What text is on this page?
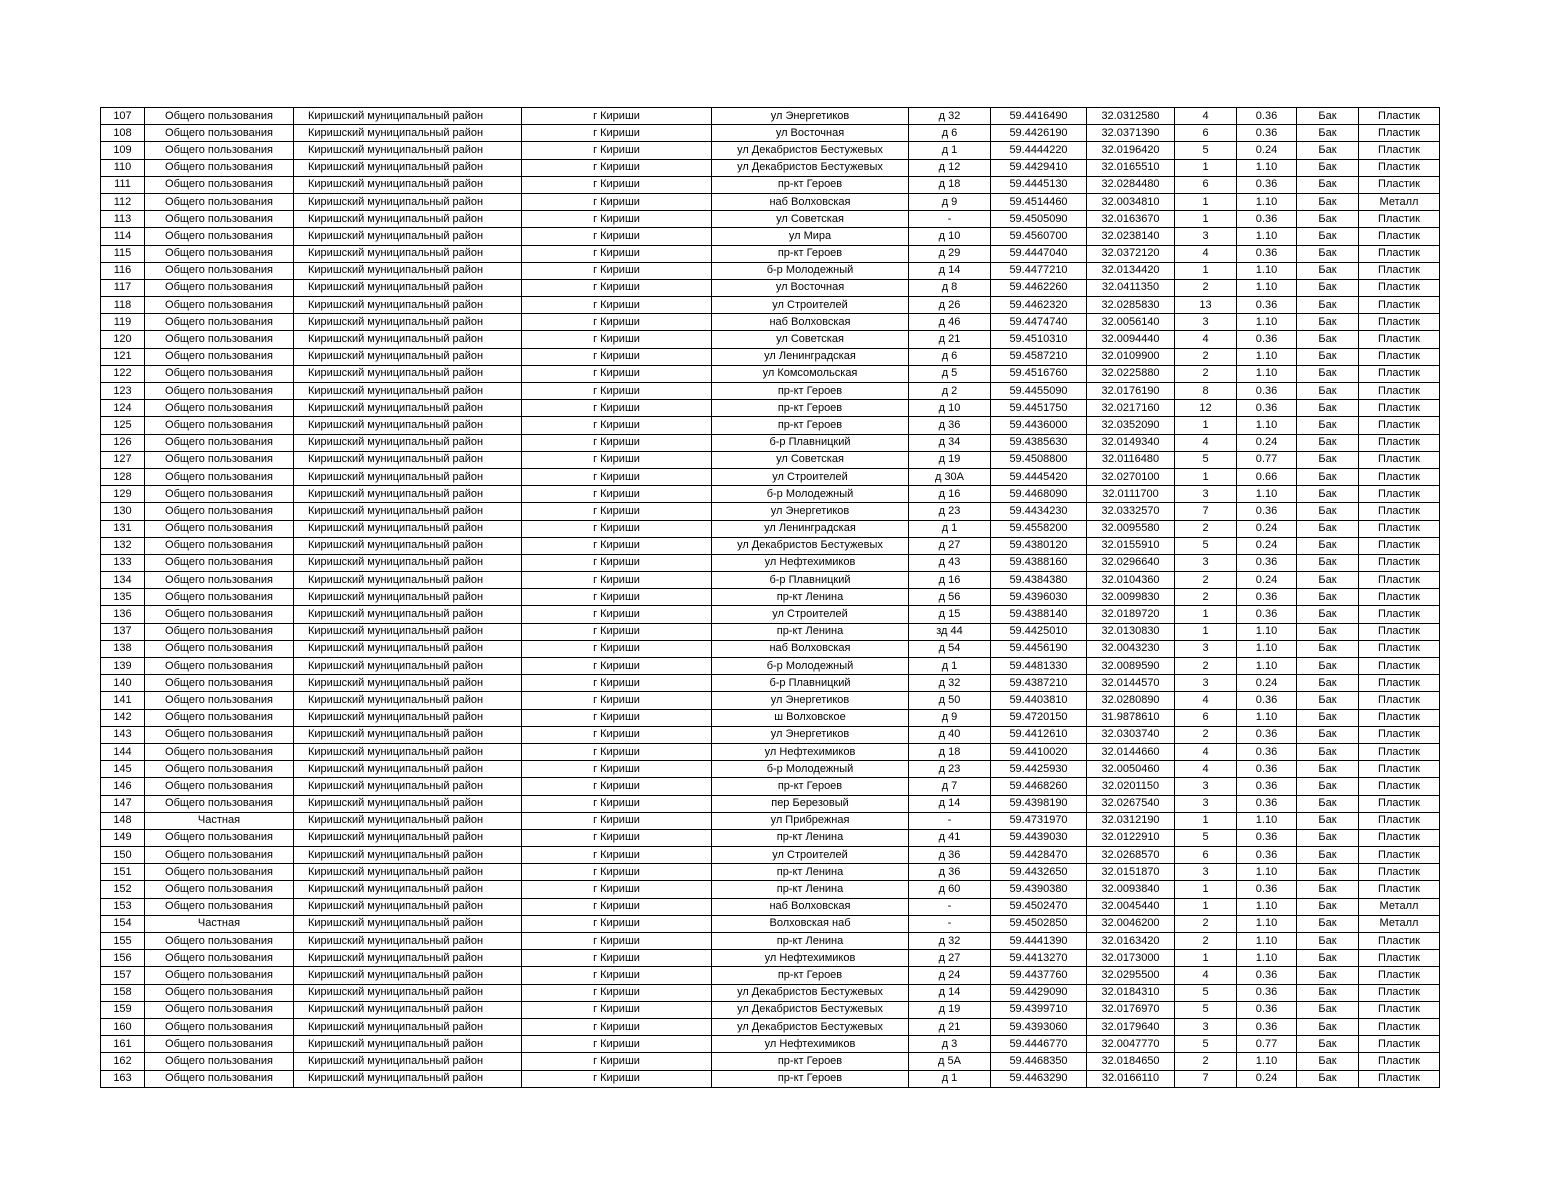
107	Общего пользования	Киришский муниципальный район	г Кириши	ул Энергетиков	д 32	59.4416490	32.0312580	4	0.36	Бак	Пластик
108	Общего пользования	Киришский муниципальный район	г Кириши	ул Восточная	д 6	59.4426190	32.0371390	6	0.36	Бак	Пластик
109	Общего пользования	Киришский муниципальный район	г Кириши	ул Декабристов Бестужевых	д 1	59.4444220	32.0196420	5	0.24	Бак	Пластик
110	Общего пользования	Киришский муниципальный район	г Кириши	ул Декабристов Бестужевых	д 12	59.4429410	32.0165510	1	1.10	Бак	Пластик
111	Общего пользования	Киришский муниципальный район	г Кириши	пр-кт Героев	д 18	59.4445130	32.0284480	6	0.36	Бак	Пластик
112	Общего пользования	Киришский муниципальный район	г Кириши	наб Волховская	д 9	59.4514460	32.0034810	1	1.10	Бак	Металл
113	Общего пользования	Киришский муниципальный район	г Кириши	ул Советская	-	59.4505090	32.0163670	1	0.36	Бак	Пластик
114	Общего пользования	Киришский муниципальный район	г Кириши	ул Мира	д 10	59.4560700	32.0238140	3	1.10	Бак	Пластик
115	Общего пользования	Киришский муниципальный район	г Кириши	пр-кт Героев	д 29	59.4447040	32.0372120	4	0.36	Бак	Пластик
116	Общего пользования	Киришский муниципальный район	г Кириши	б-р Молодежный	д 14	59.4477210	32.0134420	1	1.10	Бак	Пластик
117	Общего пользования	Киришский муниципальный район	г Кириши	ул Восточная	д 8	59.4462260	32.0411350	2	1.10	Бак	Пластик
118	Общего пользования	Киришский муниципальный район	г Кириши	ул Строителей	д 26	59.4462320	32.0285830	13	0.36	Бак	Пластик
119	Общего пользования	Киришский муниципальный район	г Кириши	наб Волховская	д 46	59.4474740	32.0056140	3	1.10	Бак	Пластик
120	Общего пользования	Киришский муниципальный район	г Кириши	ул Советская	д 21	59.4510310	32.0094440	4	0.36	Бак	Пластик
121	Общего пользования	Киришский муниципальный район	г Кириши	ул Ленинградская	д 6	59.4587210	32.0109900	2	1.10	Бак	Пластик
122	Общего пользования	Киришский муниципальный район	г Кириши	ул Комсомольская	д 5	59.4516760	32.0225880	2	1.10	Бак	Пластик
123	Общего пользования	Киришский муниципальный район	г Кириши	пр-кт Героев	д 2	59.4455090	32.0176190	8	0.36	Бак	Пластик
124	Общего пользования	Киришский муниципальный район	г Кириши	пр-кт Героев	д 10	59.4451750	32.0217160	12	0.36	Бак	Пластик
125	Общего пользования	Киришский муниципальный район	г Кириши	пр-кт Героев	д 36	59.4436000	32.0352090	1	1.10	Бак	Пластик
126	Общего пользования	Киришский муниципальный район	г Кириши	б-р Плавницкий	д 34	59.4385630	32.0149340	4	0.24	Бак	Пластик
127	Общего пользования	Киришский муниципальный район	г Кириши	ул Советская	д 19	59.4508800	32.0116480	5	0.77	Бак	Пластик
128	Общего пользования	Киришский муниципальный район	г Кириши	ул Строителей	д 30А	59.4445420	32.0270100	1	0.66	Бак	Пластик
129	Общего пользования	Киришский муниципальный район	г Кириши	б-р Молодежный	д 16	59.4468090	32.0111700	3	1.10	Бак	Пластик
130	Общего пользования	Киришский муниципальный район	г Кириши	ул Энергетиков	д 23	59.4434230	32.0332570	7	0.36	Бак	Пластик
131	Общего пользования	Киришский муниципальный район	г Кириши	ул Ленинградская	д 1	59.4558200	32.0095580	2	0.24	Бак	Пластик
132	Общего пользования	Киришский муниципальный район	г Кириши	ул Декабристов Бестужевых	д 27	59.4380120	32.0155910	5	0.24	Бак	Пластик
133	Общего пользования	Киришский муниципальный район	г Кириши	ул Нефтехимиков	д 43	59.4388160	32.0296640	3	0.36	Бак	Пластик
134	Общего пользования	Киришский муниципальный район	г Кириши	б-р Плавницкий	д 16	59.4384380	32.0104360	2	0.24	Бак	Пластик
135	Общего пользования	Киришский муниципальный район	г Кириши	пр-кт Ленина	д 56	59.4396030	32.0099830	2	0.36	Бак	Пластик
136	Общего пользования	Киришский муниципальный район	г Кириши	ул Строителей	д 15	59.4388140	32.0189720	1	0.36	Бак	Пластик
137	Общего пользования	Киришский муниципальный район	г Кириши	пр-кт Ленина	зд 44	59.4425010	32.0130830	1	1.10	Бак	Пластик
138	Общего пользования	Киришский муниципальный район	г Кириши	наб Волховская	д 54	59.4456190	32.0043230	3	1.10	Бак	Пластик
139	Общего пользования	Киришский муниципальный район	г Кириши	б-р Молодежный	д 1	59.4481330	32.0089590	2	1.10	Бак	Пластик
140	Общего пользования	Киришский муниципальный район	г Кириши	б-р Плавницкий	д 32	59.4387210	32.0144570	3	0.24	Бак	Пластик
141	Общего пользования	Киришский муниципальный район	г Кириши	ул Энергетиков	д 50	59.4403810	32.0280890	4	0.36	Бак	Пластик
142	Общего пользования	Киришский муниципальный район	г Кириши	ш Волховское	д 9	59.4720150	31.9878610	6	1.10	Бак	Пластик
143	Общего пользования	Киришский муниципальный район	г Кириши	ул Энергетиков	д 40	59.4412610	32.0303740	2	0.36	Бак	Пластик
144	Общего пользования	Киришский муниципальный район	г Кириши	ул Нефтехимиков	д 18	59.4410020	32.0144660	4	0.36	Бак	Пластик
145	Общего пользования	Киришский муниципальный район	г Кириши	б-р Молодежный	д 23	59.4425930	32.0050460	4	0.36	Бак	Пластик
146	Общего пользования	Киришский муниципальный район	г Кириши	пр-кт Героев	д 7	59.4468260	32.0201150	3	0.36	Бак	Пластик
147	Общего пользования	Киришский муниципальный район	г Кириши	пер Березовый	д 14	59.4398190	32.0267540	3	0.36	Бак	Пластик
148	Частная	Киришский муниципальный район	г Кириши	ул Прибрежная	-	59.4731970	32.0312190	1	1.10	Бак	Пластик
149	Общего пользования	Киришский муниципальный район	г Кириши	пр-кт Ленина	д 41	59.4439030	32.0122910	5	0.36	Бак	Пластик
150	Общего пользования	Киришский муниципальный район	г Кириши	ул Строителей	д 36	59.4428470	32.0268570	6	0.36	Бак	Пластик
151	Общего пользования	Киришский муниципальный район	г Кириши	пр-кт Ленина	д 36	59.4432650	32.0151870	3	1.10	Бак	Пластик
152	Общего пользования	Киришский муниципальный район	г Кириши	пр-кт Ленина	д 60	59.4390380	32.0093840	1	0.36	Бак	Пластик
153	Общего пользования	Киришский муниципальный район	г Кириши	наб Волховская	-	59.4502470	32.0045440	1	1.10	Бак	Металл
154	Частная	Киришский муниципальный район	г Кириши	Волховская наб	-	59.4502850	32.0046200	2	1.10	Бак	Металл
155	Общего пользования	Киришский муниципальный район	г Кириши	пр-кт Ленина	д 32	59.4441390	32.0163420	2	1.10	Бак	Пластик
156	Общего пользования	Киришский муниципальный район	г Кириши	ул Нефтехимиков	д 27	59.4413270	32.0173000	1	1.10	Бак	Пластик
157	Общего пользования	Киришский муниципальный район	г Кириши	пр-кт Героев	д 24	59.4437760	32.0295500	4	0.36	Бак	Пластик
158	Общего пользования	Киришский муниципальный район	г Кириши	ул Декабристов Бестужевых	д 14	59.4429090	32.0184310	5	0.36	Бак	Пластик
159	Общего пользования	Киришский муниципальный район	г Кириши	ул Декабристов Бестужевых	д 19	59.4399710	32.0176970	5	0.36	Бак	Пластик
160	Общего пользования	Киришский муниципальный район	г Кириши	ул Декабристов Бестужевых	д 21	59.4393060	32.0179640	3	0.36	Бак	Пластик
161	Общего пользования	Киришский муниципальный район	г Кириши	ул Нефтехимиков	д 3	59.4446770	32.0047770	5	0.77	Бак	Пластик
162	Общего пользования	Киришский муниципальный район	г Кириши	пр-кт Героев	д 5А	59.4468350	32.0184650	2	1.10	Бак	Пластик
163	Общего пользования	Киришский муниципальный район	г Кириши	пр-кт Героев	д 1	59.4463290	32.0166110	7	0.24	Бак	Пластик
